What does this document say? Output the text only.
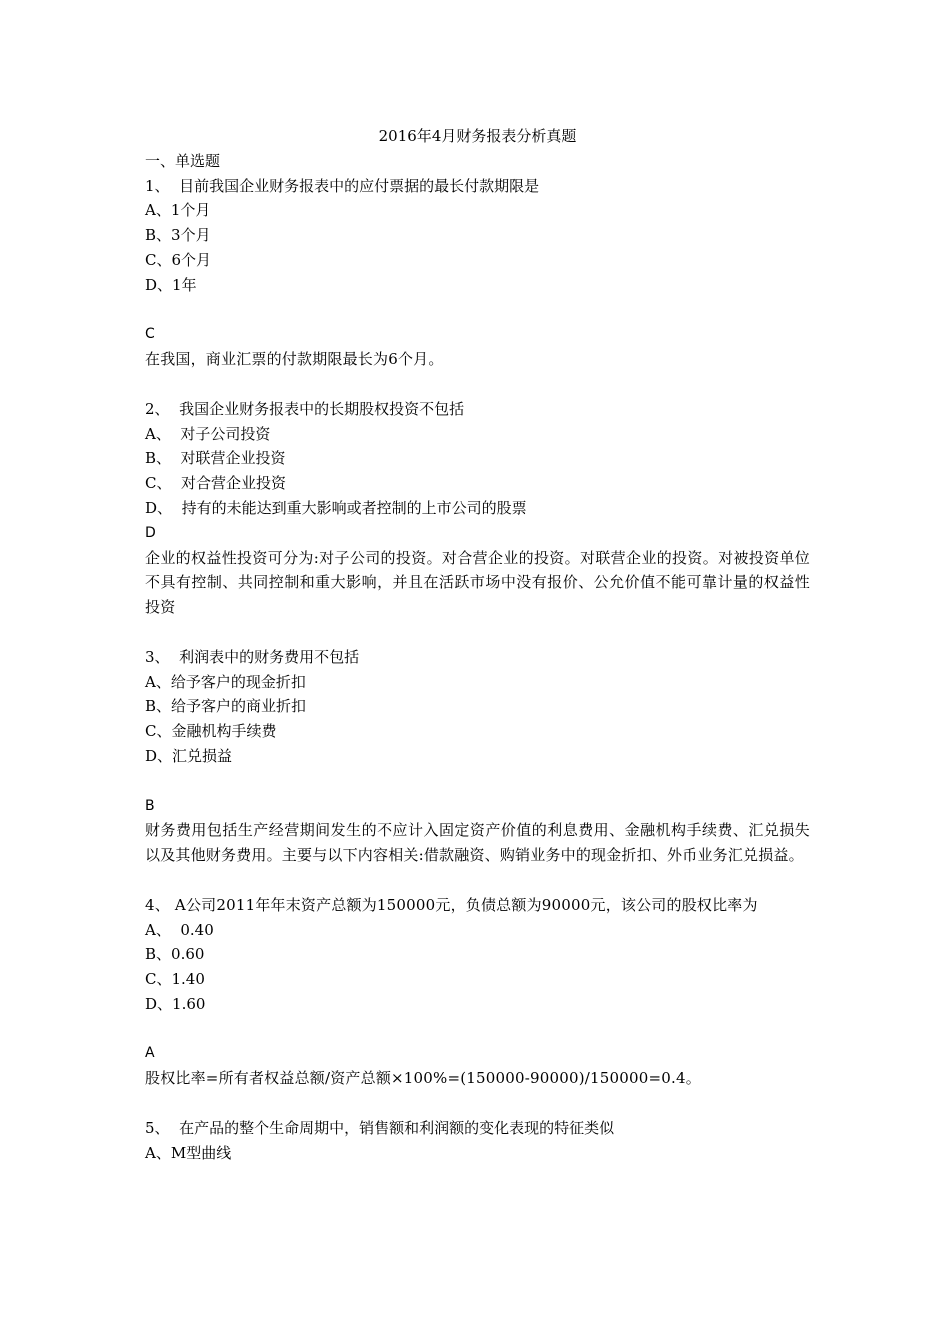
2016年4月财务报表分析真题

一、单选题

1、  目前我国企业财务报表中的应付票据的最长付款期限是

A、1个月

B、3个月

C、6个月

D、1年

C

在我国，商业汇票的付款期限最长为6个月。

2、  我国企业财务报表中的长期股权投资不包括

A、  对子公司投资

B、  对联营企业投资

C、  对合营企业投资

D、  持有的未能达到重大影响或者控制的上市公司的股票

D

企业的权益性投资可分为:对子公司的投资。对合营企业的投资。对联营企业的投资。对被投资单位不具有控制、共同控制和重大影响，并且在活跃市场中没有报价、公允价值不能可靠计量的权益性投资

3、  利润表中的财务费用不包括

A、给予客户的现金折扣

B、给予客户的商业折扣

C、金融机构手续费

D、汇兑损益

B

财务费用包括生产经营期间发生的不应计入固定资产价值的利息费用、金融机构手续费、汇兑损失以及其他财务费用。主要与以下内容相关:借款融资、购销业务中的现金折扣、外币业务汇兑损益。

4、 A公司2011年年末资产总额为150000元，负债总额为90000元，该公司的股权比率为

A、  0.40

B、0.60

C、1.40

D、1.60

A

股权比率=所有者权益总额/资产总额×100%=(150000-90000)/150000=0.4。

5、  在产品的整个生命周期中，销售额和利润额的变化表现的特征类似

A、M型曲线
